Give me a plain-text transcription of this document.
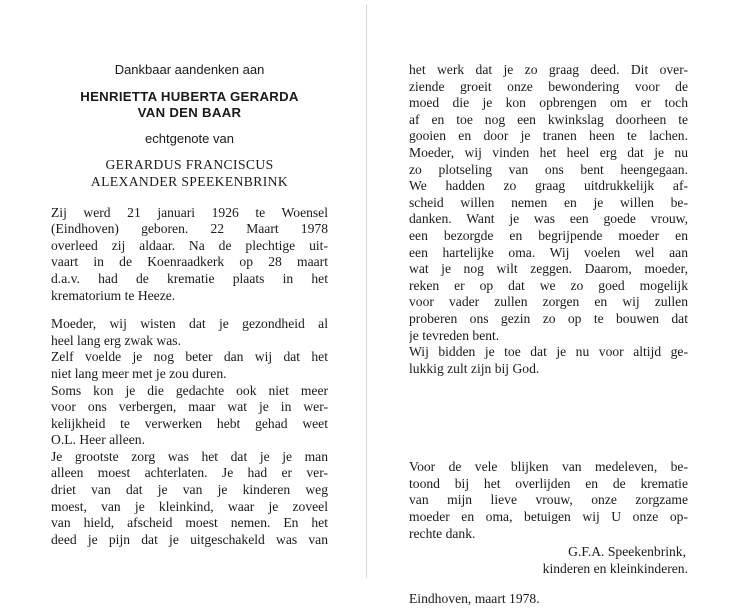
Dankbaar aandenken aan
HENRIETTA HUBERTA GERARDA
VAN DEN BAAR
echtgenote van
GERARDUS FRANCISCUS
ALEXANDER SPEEKENBRINK
Zij werd 21 januari 1926 te Woensel
(Eindhoven) geboren. 22 Maart 1978
overleed zij aldaar. Na de plechtige uit-
vaart in de Koenraadkerk op 28 maart
d.a.v. had de krematie plaats in het
krematorium te Heeze.
Moeder, wij wisten dat je gezondheid al
heel lang erg zwak was.
Zelf voelde je nog beter dan wij dat het
niet lang meer met je zou duren.
Soms kon je die gedachte ook niet meer
voor ons verbergen, maar wat je in wer-
kelijkheid te verwerken hebt gehad weet
O.L. Heer alleen.
Je grootste zorg was het dat je je man
alleen moest achterlaten. Je had er ver-
driet van dat je van je kinderen weg
moest, van je kleinkind, waar je zoveel
van hield, afscheid moest nemen. En het
deed je pijn dat je uitgeschakeld was van
het werk dat je zo graag deed. Dit over-
ziende groeit onze bewondering voor de
moed die je kon opbrengen om er toch
af en toe nog een kwinkslag doorheen te
gooien en door je tranen heen te lachen.
Moeder, wij vinden het heel erg dat je nu
zo plotseling van ons bent heengegaan.
We hadden zo graag uitdrukkelijk af-
scheid willen nemen en je willen be-
danken. Want je was een goede vrouw,
een bezorgde en begrijpende moeder en
een hartelijke oma. Wij voelen wel aan
wat je nog wilt zeggen. Daarom, moeder,
reken er op dat we zo goed mogelijk
voor vader zullen zorgen en wij zullen
proberen ons gezin zo op te bouwen dat
je tevreden bent.
Wij bidden je toe dat je nu voor altijd ge-
lukkig zult zijn bij God.
Voor de vele blijken van medeleven, be-
toond bij het overlijden en de krematie
van mijn lieve vrouw, onze zorgzame
moeder en oma, betuigen wij U onze op-
rechte dank.
G.F.A. Speekenbrink,
kinderen en kleinkinderen.
Eindhoven, maart 1978.
